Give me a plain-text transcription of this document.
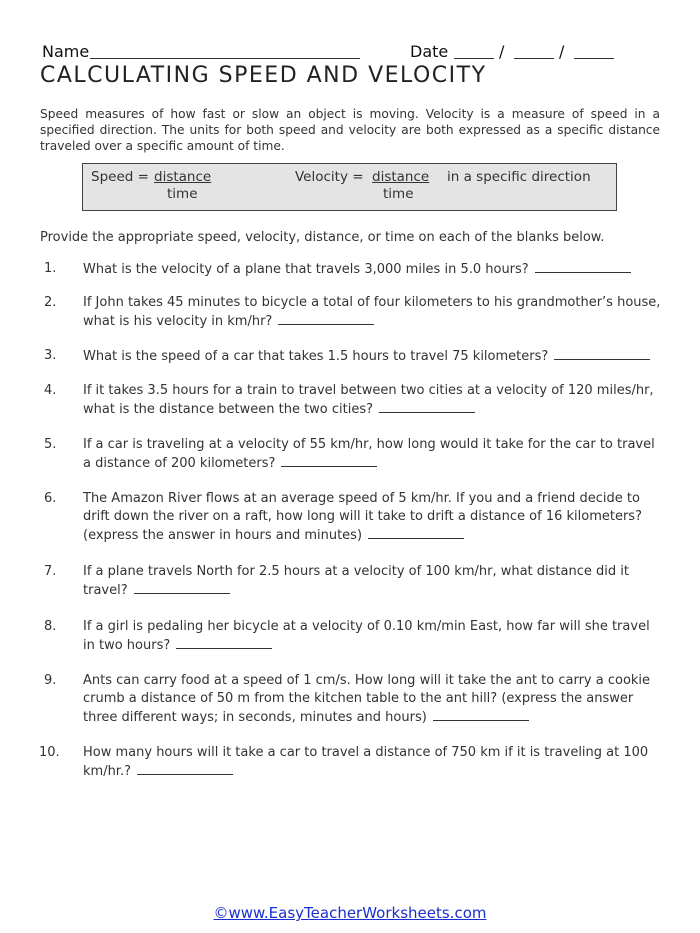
Name	Date	/	/
CALCULATING SPEED AND VELOCITY
Speed measures of how fast or slow an object is moving. Velocity is a measure of speed in a specified direction. The units for both speed and velocity are both expressed as a specific distance traveled over a specific amount of time.
Speed = distance
time
Velocity = distance
time
in a specific direction
Provide the appropriate speed, velocity, distance, or time on each of the blanks below.
1.	What is the velocity of a plane that travels 3,000 miles in 5.0 hours?
2.	If John takes 45 minutes to bicycle a total of four kilometers to his grandmother’s house, what is his velocity in km/hr?
3.	What is the speed of a car that takes 1.5 hours to travel 75 kilometers?
4.	If it takes 3.5 hours for a train to travel between two cities at a velocity of 120 miles/hr, what is the distance between the two cities?
5.	If a car is traveling at a velocity of 55 km/hr, how long would it take for the car to travel a distance of 200 kilometers?
6.	The Amazon River flows at an average speed of 5 km/hr. If you and a friend decide to drift down the river on a raft, how long will it take to drift a distance of 16 kilometers? (express the answer in hours and minutes)
7.	If a plane travels North for 2.5 hours at a velocity of 100 km/hr, what distance did it travel?
8.	If a girl is pedaling her bicycle at a velocity of 0.10 km/min East, how far will she travel in two hours?
9.	Ants can carry food at a speed of 1 cm/s. How long will it take the ant to carry a cookie crumb a distance of 50 m from the kitchen table to the ant hill? (express the answer three different ways; in seconds, minutes and hours)
10.	How many hours will it take a car to travel a distance of 750 km if it is traveling at 100 km/hr.?
©www.EasyTeacherWorksheets.com
